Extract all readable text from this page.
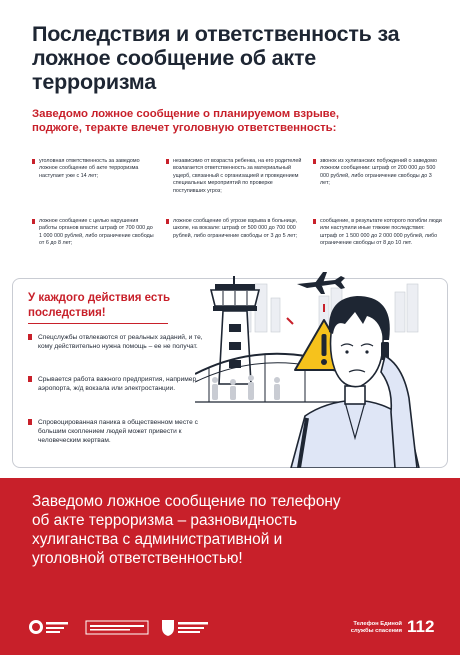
Последствия и ответственность за ложное сообщение об акте терроризма
Заведомо ложное сообщение о планируемом взрыве, поджоге, теракте влечет уголовную ответственность:
уголовная ответственность за заведомо ложное сообщение об акте терроризма наступает уже с 14 лет;
независимо от возраста ребенка, на его родителей возлагается ответственность за материальный ущерб, связанный с организацией и проведением специальных мероприятий по проверке поступивших угроз;
звонок из хулиганских побуждений о заведомо ложном сообщении: штраф от 200 000 до 500 000 рублей, либо ограничение свободы до 3 лет;
ложное сообщение с целью нарушения работы органов власти: штраф от 700 000 до 1 000 000 рублей, либо ограничение свободы от 6 до 8 лет;
ложное сообщение об угрозе взрыва в больнице, школе, на вокзале: штраф от 500 000 до 700 000 рублей, либо ограничение свободы от 3 до 5 лет;
сообщение, в результате которого погибли люди или наступили иные тяжкие последствия: штраф от 1 500 000 до 2 000 000 рублей, либо ограничение свободы от 8 до 10 лет.
У каждого действия есть последствия!
Спецслужбы отвлекаются от реальных заданий, и те, кому действительно нужна помощь – ее не получат.
Срывается работа важного предприятия, например, аэропорта, ж/д вокзала или электростанции.
Спровоцированная паника в общественном месте с большим скоплением людей может привести к человеческим жертвам.
Заведомо ложное сообщение по телефону об акте терроризма – разновидность хулиганства с административной и уголовной ответственностью!
Телефон Единой службы спасения 112
